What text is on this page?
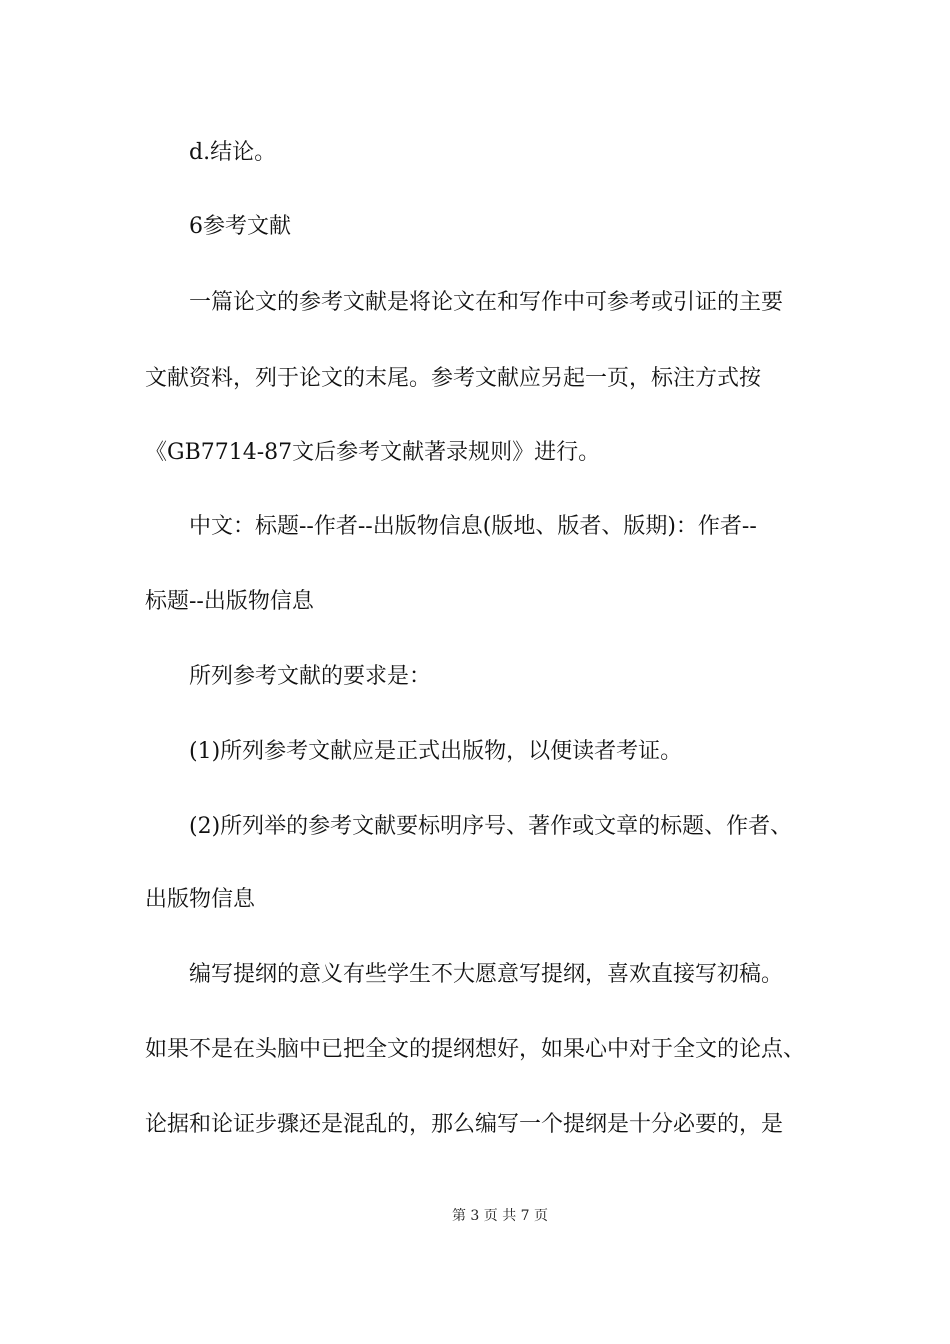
d.结论。
6参考文献
一篇论文的参考文献是将论文在和写作中可参考或引证的主要
文献资料，列于论文的末尾。参考文献应另起一页，标注方式按
《GB7714-87文后参考文献著录规则》进行。
中文：标题--作者--出版物信息(版地、版者、版期)：作者--
标题--出版物信息
所列参考文献的要求是：
(1)所列参考文献应是正式出版物，以便读者考证。
(2)所列举的参考文献要标明序号、著作或文章的标题、作者、
出版物信息
编写提纲的意义有些学生不大愿意写提纲，喜欢直接写初稿。
如果不是在头脑中已把全文的提纲想好，如果心中对于全文的论点、
论据和论证步骤还是混乱的，那么编写一个提纲是十分必要的，是
第 3 页 共 7 页
